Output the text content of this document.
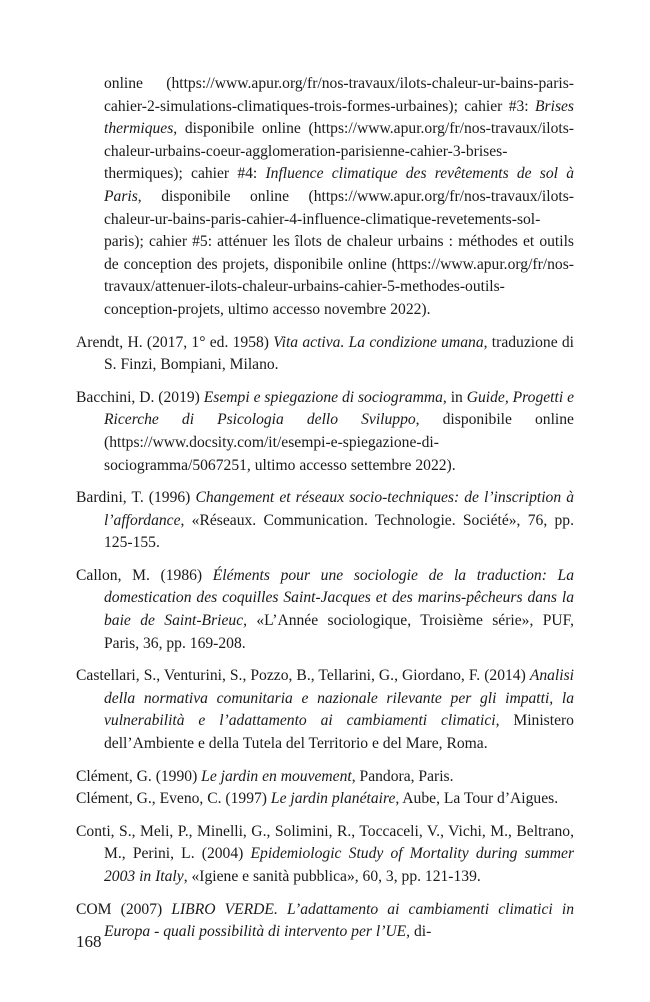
online (https://www.apur.org/fr/nos-travaux/ilots-chaleur-ur-bains-paris-cahier-2-simulations-climatiques-trois-formes-urbaines); cahier #3: Brises thermiques, disponibile online (https://www.apur.org/fr/nos-travaux/ilots-chaleur-urbains-coeur-agglomeration-parisienne-cahier-3-brises-thermiques); cahier #4: Influence climatique des revêtements de sol à Paris, disponibile online (https://www.apur.org/fr/nos-travaux/ilots-chaleur-ur-bains-paris-cahier-4-influence-climatique-revetements-sol-paris); cahier #5: atténuer les îlots de chaleur urbains : méthodes et outils de conception des projets, disponibile online (https://www.apur.org/fr/nos-travaux/attenuer-ilots-chaleur-urbains-cahier-5-methodes-outils-conception-projets, ultimo accesso novembre 2022).

Arendt, H. (2017, 1° ed. 1958) Vita activa. La condizione umana, traduzione di S. Finzi, Bompiani, Milano.

Bacchini, D. (2019) Esempi e spiegazione di sociogramma, in Guide, Progetti e Ricerche di Psicologia dello Sviluppo, disponibile online (https://www.docsity.com/it/esempi-e-spiegazione-di-sociogramma/5067251, ultimo accesso settembre 2022).

Bardini, T. (1996) Changement et réseaux socio-techniques: de l’inscription à l’affordance, «Réseaux. Communication. Technologie. Société», 76, pp. 125-155.

Callon, M. (1986) Éléments pour une sociologie de la traduction: La domestication des coquilles Saint-Jacques et des marins-pêcheurs dans la baie de Saint-Brieuc, «L’Année sociologique, Troisième série», PUF, Paris, 36, pp. 169-208.

Castellari, S., Venturini, S., Pozzo, B., Tellarini, G., Giordano, F. (2014) Analisi della normativa comunitaria e nazionale rilevante per gli impatti, la vulnerabilità e l’adattamento ai cambiamenti climatici, Ministero dell’Ambiente e della Tutela del Territorio e del Mare, Roma.

Clément, G. (1990) Le jardin en mouvement, Pandora, Paris.

Clément, G., Eveno, C. (1997) Le jardin planétaire, Aube, La Tour d’Aigues.

Conti, S., Meli, P., Minelli, G., Solimini, R., Toccaceli, V., Vichi, M., Beltrano, M., Perini, L. (2004) Epidemiologic Study of Mortality during summer 2003 in Italy, «Igiene e sanità pubblica», 60, 3, pp. 121-139.

COM (2007) LIBRO VERDE. L’adattamento ai cambiamenti climatici in Europa - quali possibilità di intervento per l’UE, di-

168
